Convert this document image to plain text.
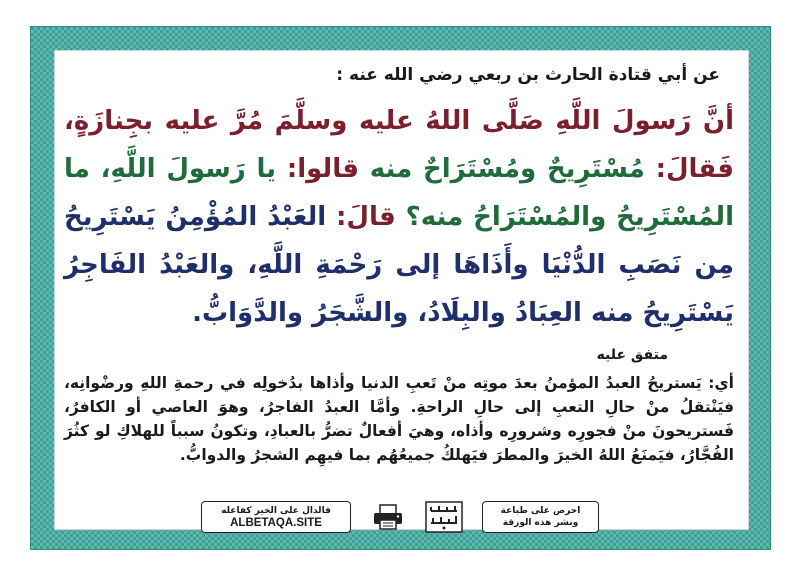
عن أبي قتادة الحارث بن ربعي رضي الله عنه :
أنَّ رَسولَ اللَّهِ صَلَّى اللهُ عليه وسلَّمَ مُرَّ عليه بجِنازَةٍ، فَقالَ: مُسْتَرِيحٌ ومُسْتَرَاحٌ منه قالوا: يا رَسولَ اللَّهِ، ما المُسْتَرِيحُ والمُسْتَرَاحُ منه؟ قالَ: العَبْدُ المُؤْمِنُ يَسْتَرِيحُ مِن نَصَبِ الدُّنْيَا وأَذَاهَا إلى رَحْمَةِ اللَّهِ، والعَبْدُ الفَاجِرُ يَسْتَرِيحُ منه العِبَادُ والبِلَادُ، والشَّجَرُ والدَّوَابُّ.
متفق عليه
أي: يَستريحُ العبدُ المؤمنُ بعدَ موتِه منْ تَعبِ الدنيا وأذاها بدُخولِه في رحمةِ اللهِ ورضْوانِه، فيَنْتقلُ منْ حالِ التعبِ إلى حالِ الراحةِ. وأمَّا العبدُ الفاجرُ، وهوَ العاصي أو الكافرُ، فَستريحونَ منْ فجورِه وشرورِه وأذاه، وهيَ أفعالٌ تضرُّ بالعبادِ، وتكونُ سبباً للهلاكِ لو كثُرَ الفُجَّارُ، فيَمنَعُ اللهُ الخيرَ والمطرَ فيَهلكُ جميعُهُم بما فيهِم الشجرُ والدوابُّ.
فالدال على الخير كفاعله
ALBETAQA.SITE
احرص على طباعة
ونشر هذه الورقة
